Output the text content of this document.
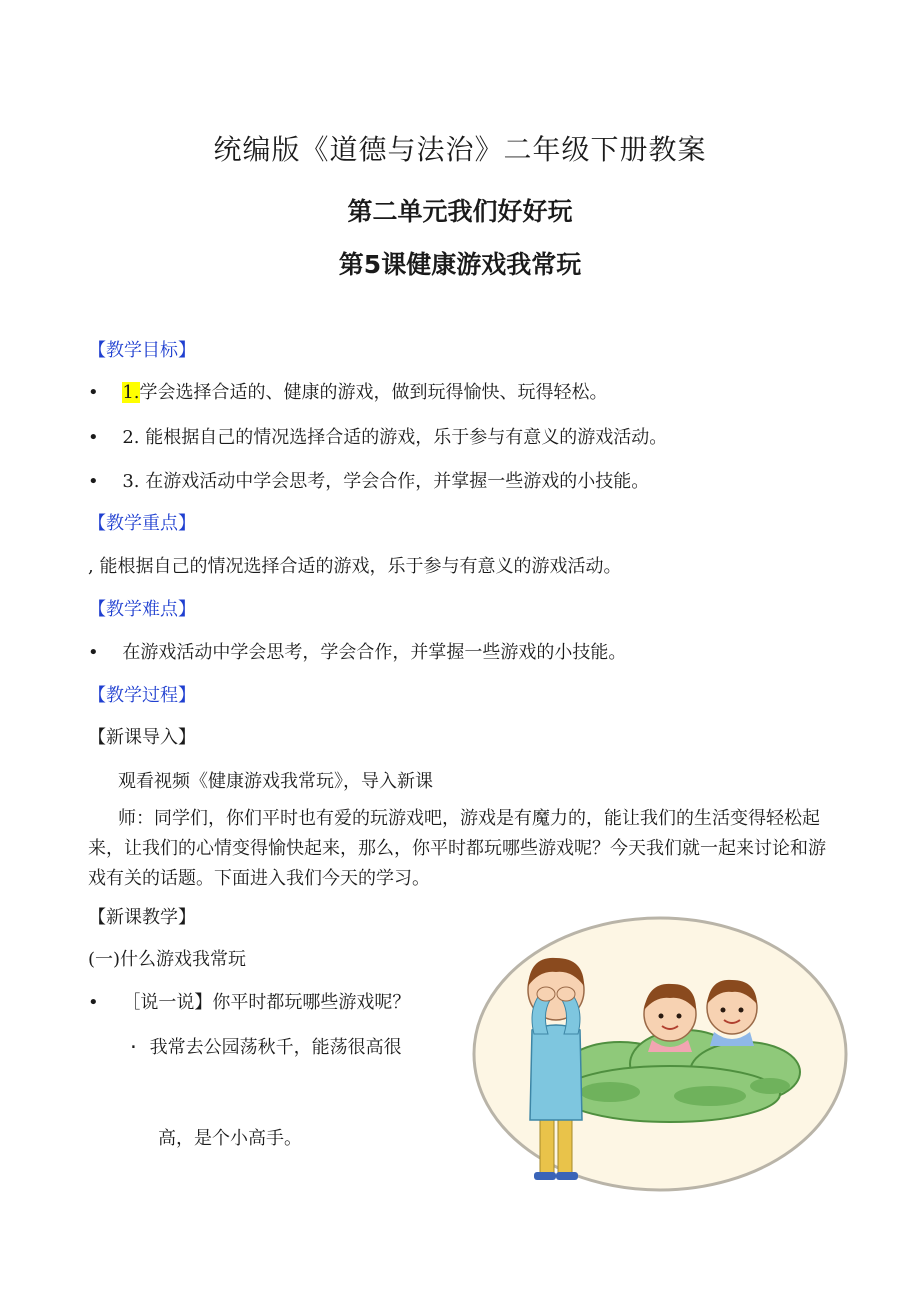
统编版《道德与法治》二年级下册教案
第二单元我们好好玩
第5课健康游戏我常玩
【教学目标】
• 1.学会选择合适的、健康的游戏，做到玩得愉快、玩得轻松。
• 2. 能根据自己的情况选择合适的游戏，乐于参与有意义的游戏活动。
• 3. 在游戏活动中学会思考，学会合作，并掌握一些游戏的小技能。
【教学重点】
, 能根据自己的情况选择合适的游戏，乐于参与有意义的游戏活动。
【教学难点】
• 在游戏活动中学会思考，学会合作，并掌握一些游戏的小技能。
【教学过程】
【新课导入】
观看视频《健康游戏我常玩》，导入新课
师：同学们，你们平时也有爱的玩游戏吧，游戏是有魔力的，能让我们的生活变得轻松起来，让我们的心情变得愉快起来，那么，你平时都玩哪些游戏呢？今天我们就一起来讨论和游戏有关的话题。下面进入我们今天的学习。
【新课教学】
(一)什么游戏我常玩
• ［说一说】你平时都玩哪些游戏呢？
· 我常去公园荡秋千，能荡很高很
高，是个小高手。
